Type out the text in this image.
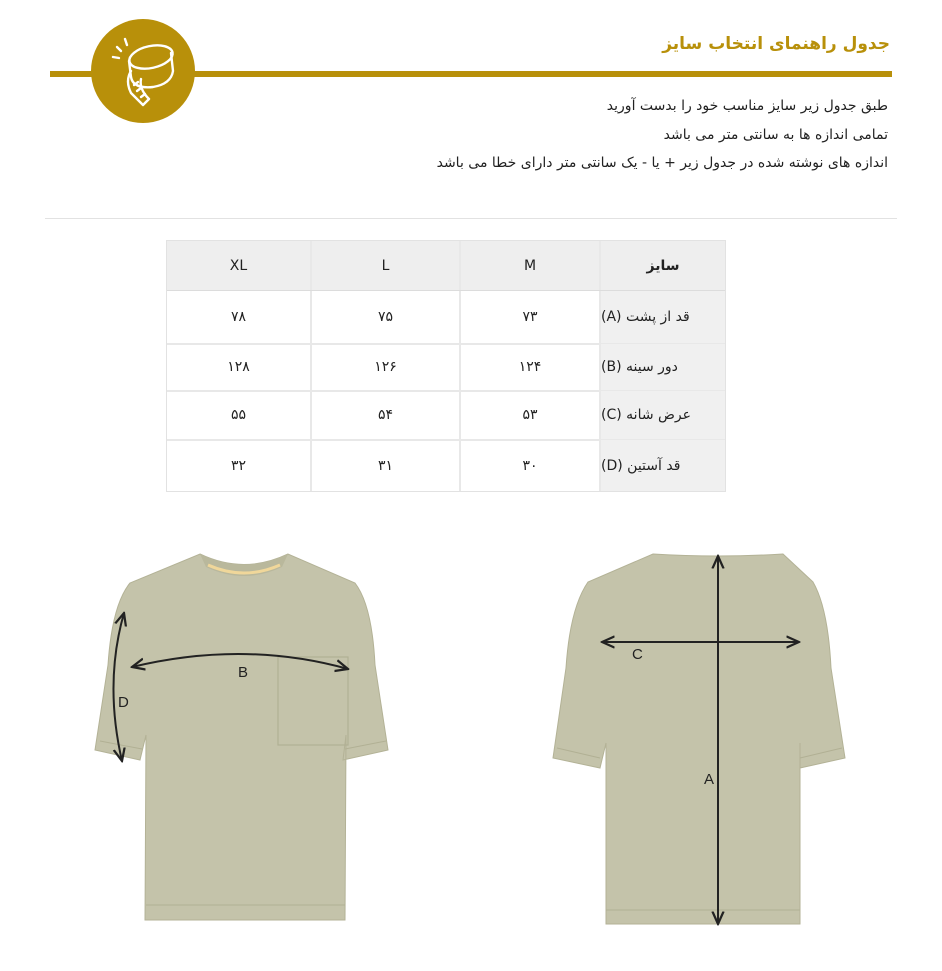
جدول راهنمای انتخاب سایز
طبق جدول زیر سایز مناسب خود را بدست آورید
تمامی اندازه ها به سانتی متر می باشد
اندازه های نوشته شده در جدول زیر + یا - یک سانتی متر دارای خطا می باشد
XL	L	M	سایز
۷۸	۷۵	۷۳	قد از پشت (A)
۱۲۸	۱۲۶	۱۲۴	دور سینه (B)
۵۵	۵۴	۵۳	عرض شانه (C)
۳۲	۳۱	۳۰	قد آستین (D)
B
D
C
A
